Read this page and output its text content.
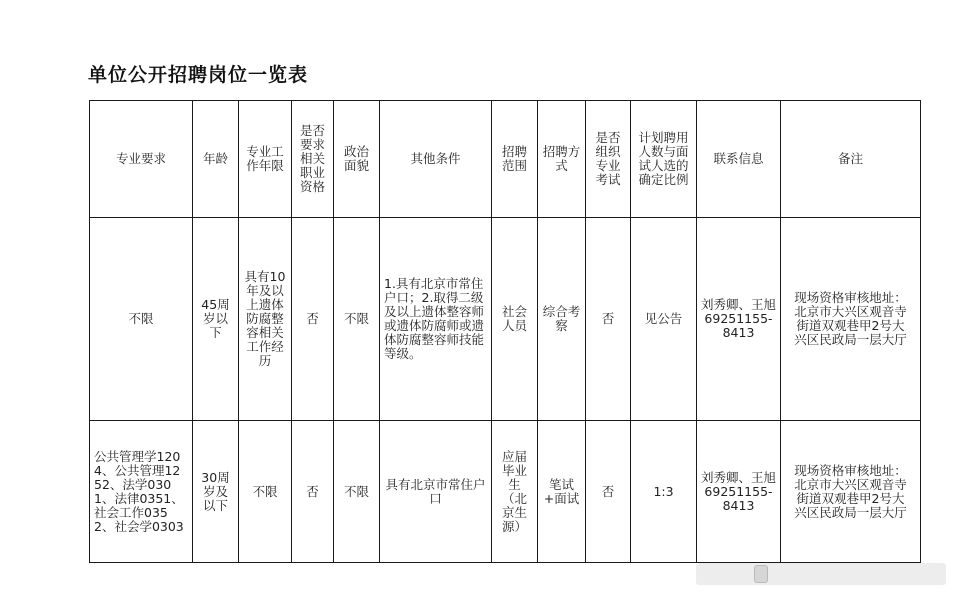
单位公开招聘岗位一览表
专业要求	年龄	专业工作年限	是否要求相关职业资格	政治面貌	其他条件	招聘范围	招聘方式	是否组织专业考试	计划聘用人数与面试人选的确定比例	联系信息	备注
不限	45周岁以下	具有10年及以上遗体防腐整容相关工作经历	否	不限	1.具有北京市常住户口；2.取得二级及以上遗体整容师或遗体防腐师或遗体防腐整容师技能等级。	社会人员	综合考察	否	见公告	刘秀卿、王旭69251155-8413	现场资格审核地址：北京市大兴区观音寺街道双观巷甲2号大兴区民政局一层大厅
公共管理学1204、公共管理1252、法学0301、法律0351、社会工作0352、社会学0303	30周岁及以下	不限	否	不限	具有北京市常住户口	应届毕业生（北京生源）	笔试+面试	否	1:3	刘秀卿、王旭69251155-8413	现场资格审核地址：北京市大兴区观音寺街道双观巷甲2号大兴区民政局一层大厅
